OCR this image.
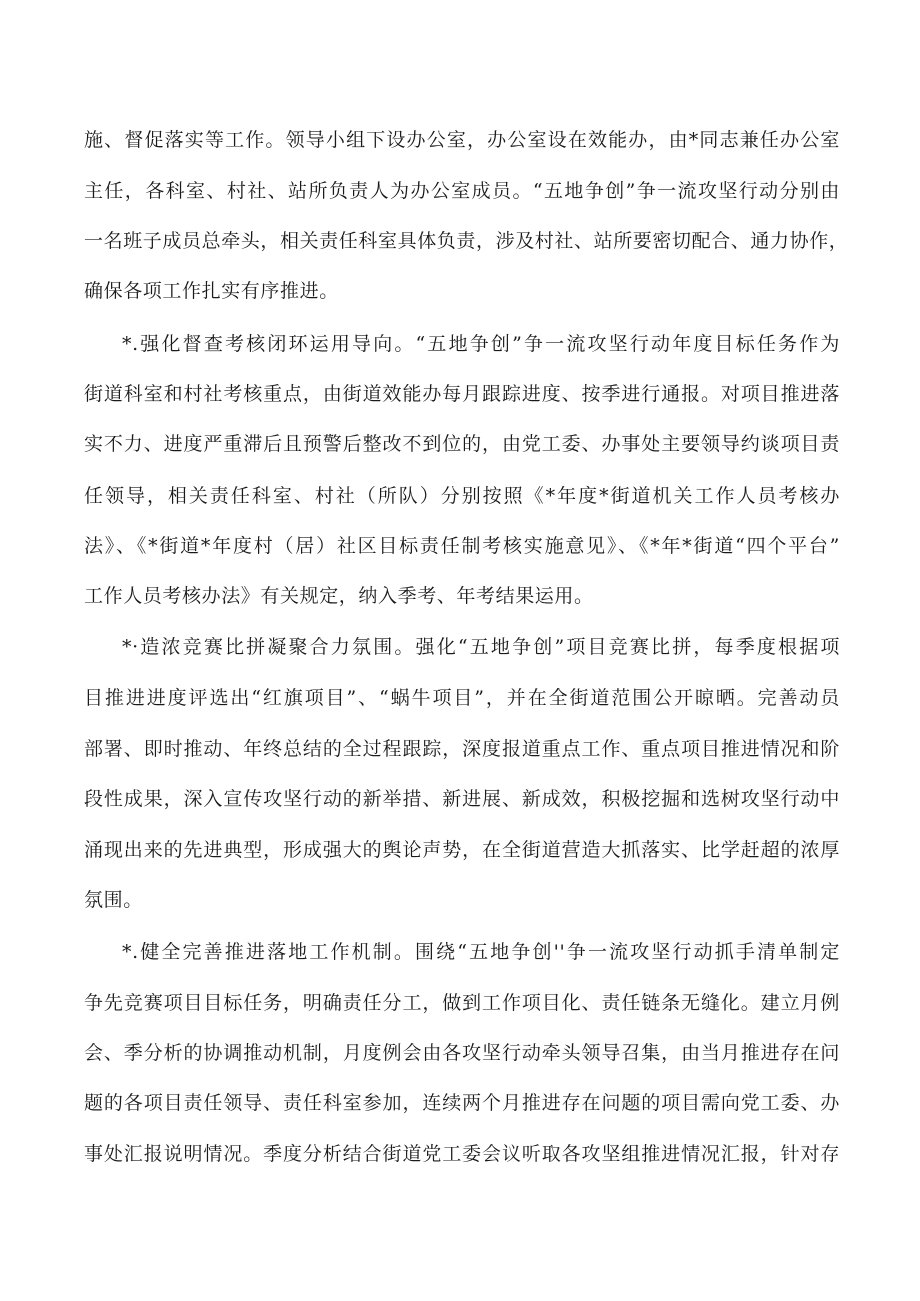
施、督促落实等工作。领导小组下设办公室，办公室设在效能办，由*同志兼任办公室
主任，各科室、村社、站所负责人为办公室成员。“五地争创”争一流攻坚行动分别由
一名班子成员总牵头，相关责任科室具体负责，涉及村社、站所要密切配合、通力协作，
确保各项工作扎实有序推进。
*.强化督查考核闭环运用导向。“五地争创”争一流攻坚行动年度目标任务作为
街道科室和村社考核重点，由街道效能办每月跟踪进度、按季进行通报。对项目推进落
实不力、进度严重滞后且预警后整改不到位的，由党工委、办事处主要领导约谈项目责
任领导，相关责任科室、村社（所队）分别按照《*年度*街道机关工作人员考核办
法》、《*街道*年度村（居）社区目标责任制考核实施意见》、《*年*街道“四个平台”
工作人员考核办法》有关规定，纳入季考、年考结果运用。
*·造浓竞赛比拼凝聚合力氛围。强化“五地争创”项目竞赛比拼，每季度根据项
目推进进度评选出“红旗项目”、“蜗牛项目”，并在全街道范围公开晾晒。完善动员
部署、即时推动、年终总结的全过程跟踪，深度报道重点工作、重点项目推进情况和阶
段性成果，深入宣传攻坚行动的新举措、新进展、新成效，积极挖掘和选树攻坚行动中
涌现出来的先进典型，形成强大的舆论声势，在全街道营造大抓落实、比学赶超的浓厚
氛围。
*.健全完善推进落地工作机制。围绕“五地争创''争一流攻坚行动抓手清单制定
争先竞赛项目目标任务，明确责任分工，做到工作项目化、责任链条无缝化。建立月例
会、季分析的协调推动机制，月度例会由各攻坚行动牵头领导召集，由当月推进存在问
题的各项目责任领导、责任科室参加，连续两个月推进存在问题的项目需向党工委、办
事处汇报说明情况。季度分析结合街道党工委会议听取各攻坚组推进情况汇报，针对存
